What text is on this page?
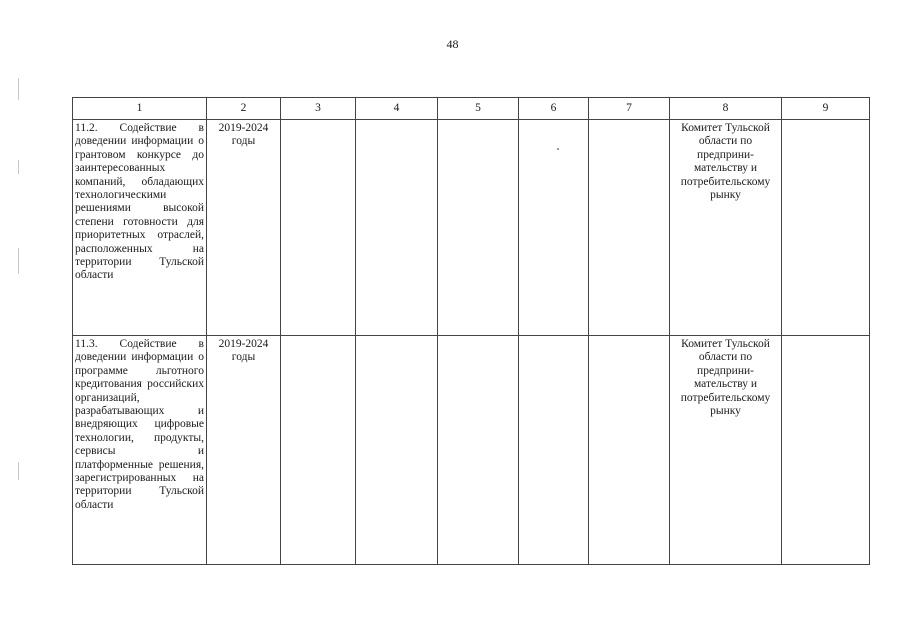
48
1	2	3	4	5	6	7	8	9
11.2. Содействие в доведении информации о грантовом конкурсе до заинтересованных компаний, обладающих технологическими решениями высокой степени готовности для приоритетных отраслей, расположенных на территории Тульской области	2019-2024 годы						Комитет Тульской области по предприни-мательству и потребительскому рынку	
11.3. Содействие в доведении информации о программе льготного кредитования российских организаций, разрабатывающих и внедряющих цифровые технологии, продукты, сервисы и платформенные решения, зарегистрированных на территории Тульской области	2019-2024 годы						Комитет Тульской области по предприни-мательству и потребительскому рынку	
